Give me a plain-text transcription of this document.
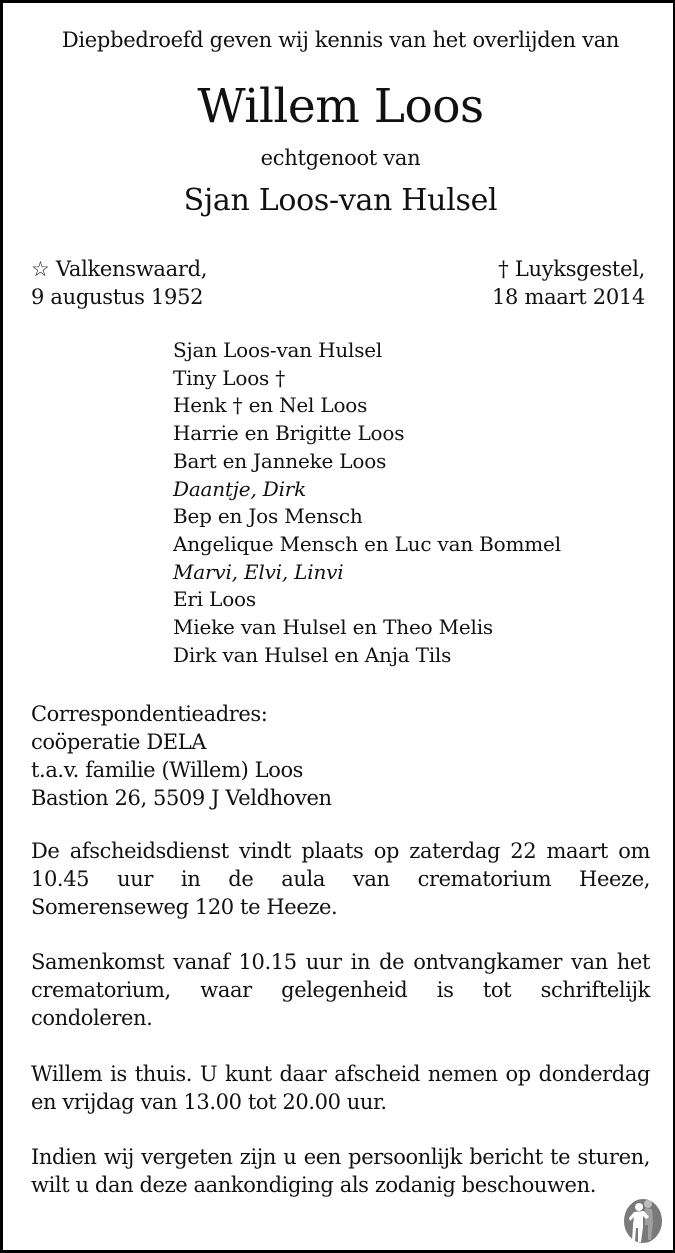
Diepbedroefd geven wij kennis van het overlijden van
Willem Loos
echtgenoot van
Sjan Loos-van Hulsel
☆ Valkenswaard,
9 augustus 1952
† Luyksgestel,
18 maart 2014
Sjan Loos-van Hulsel
Tiny Loos †
Henk † en Nel Loos
Harrie en Brigitte Loos
Bart en Janneke Loos
Daantje, Dirk
Bep en Jos Mensch
Angelique Mensch en Luc van Bommel
Marvi, Elvi, Linvi
Eri Loos
Mieke van Hulsel en Theo Melis
Dirk van Hulsel en Anja Tils
Correspondentieadres:
coöperatie DELA
t.a.v. familie (Willem) Loos
Bastion 26, 5509 J Veldhoven
De afscheidsdienst vindt plaats op zaterdag 22 maart om 10.45 uur in de aula van crematorium Heeze, Somerenseweg 120 te Heeze.
Samenkomst vanaf 10.15 uur in de ontvangkamer van het crematorium, waar gelegenheid is tot schriftelijk condoleren.
Willem is thuis. U kunt daar afscheid nemen op donderdag en vrijdag van 13.00 tot 20.00 uur.
Indien wij vergeten zijn u een persoonlijk bericht te sturen, wilt u dan deze aankondiging als zodanig beschouwen.
